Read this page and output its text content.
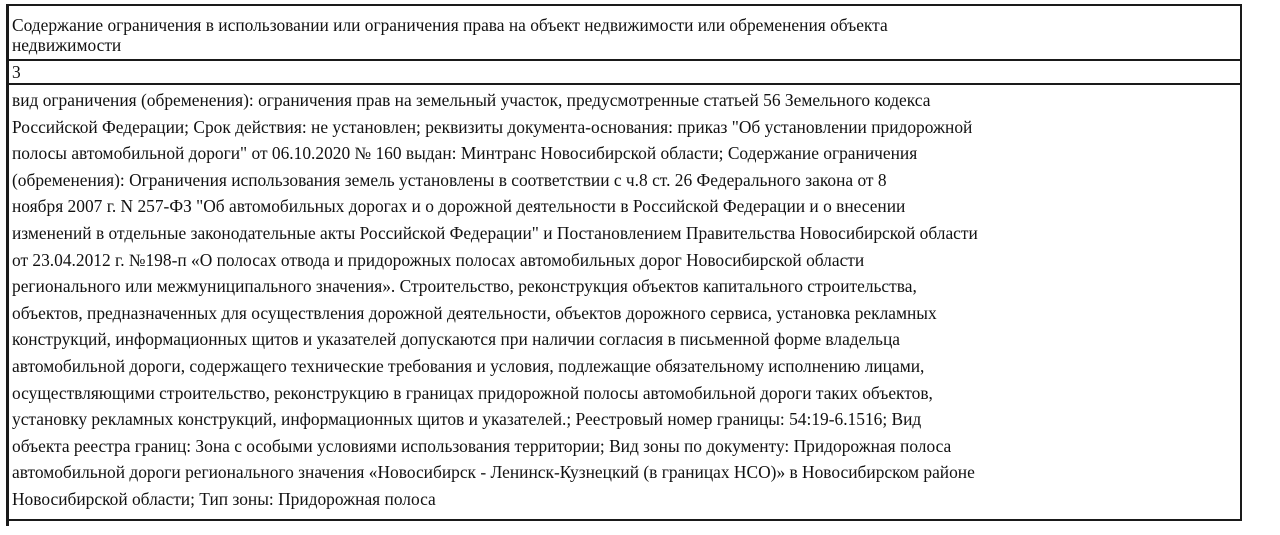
Содержание ограничения в использовании или ограничения права на объект недвижимости или обременения объекта
недвижимости

3

вид ограничения (обременения): ограничения прав на земельный участок, предусмотренные статьей 56 Земельного кодекса
Российской Федерации; Срок действия: не установлен; реквизиты документа-основания: приказ "Об установлении придорожной
полосы автомобильной дороги" от 06.10.2020 № 160 выдан: Минтранс Новосибирской области; Содержание ограничения
(обременения): Ограничения использования земель установлены в соответствии с ч.8 ст. 26 Федерального закона от 8
ноября 2007 г. N 257-ФЗ "Об автомобильных дорогах и о дорожной деятельности в Российской Федерации и о внесении
изменений в отдельные законодательные акты Российской Федерации" и Постановлением Правительства Новосибирской области
от 23.04.2012 г. №198-п «О полосах отвода и придорожных полосах автомобильных дорог Новосибирской области
регионального или межмуниципального значения». Строительство, реконструкция объектов капитального строительства,
объектов, предназначенных для осуществления дорожной деятельности, объектов дорожного сервиса, установка рекламных
конструкций, информационных щитов и указателей допускаются при наличии согласия в письменной форме владельца
автомобильной дороги, содержащего технические требования и условия, подлежащие обязательному исполнению лицами,
осуществляющими строительство, реконструкцию в границах придорожной полосы автомобильной дороги таких объектов,
установку рекламных конструкций, информационных щитов и указателей.; Реестровый номер границы: 54:19-6.1516; Вид
объекта реестра границ: Зона с особыми условиями использования территории; Вид зоны по документу: Придорожная полоса
автомобильной дороги регионального значения «Новосибирск - Ленинск-Кузнецкий (в границах НСО)» в Новосибирском районе
Новосибирской области; Тип зоны: Придорожная полоса
